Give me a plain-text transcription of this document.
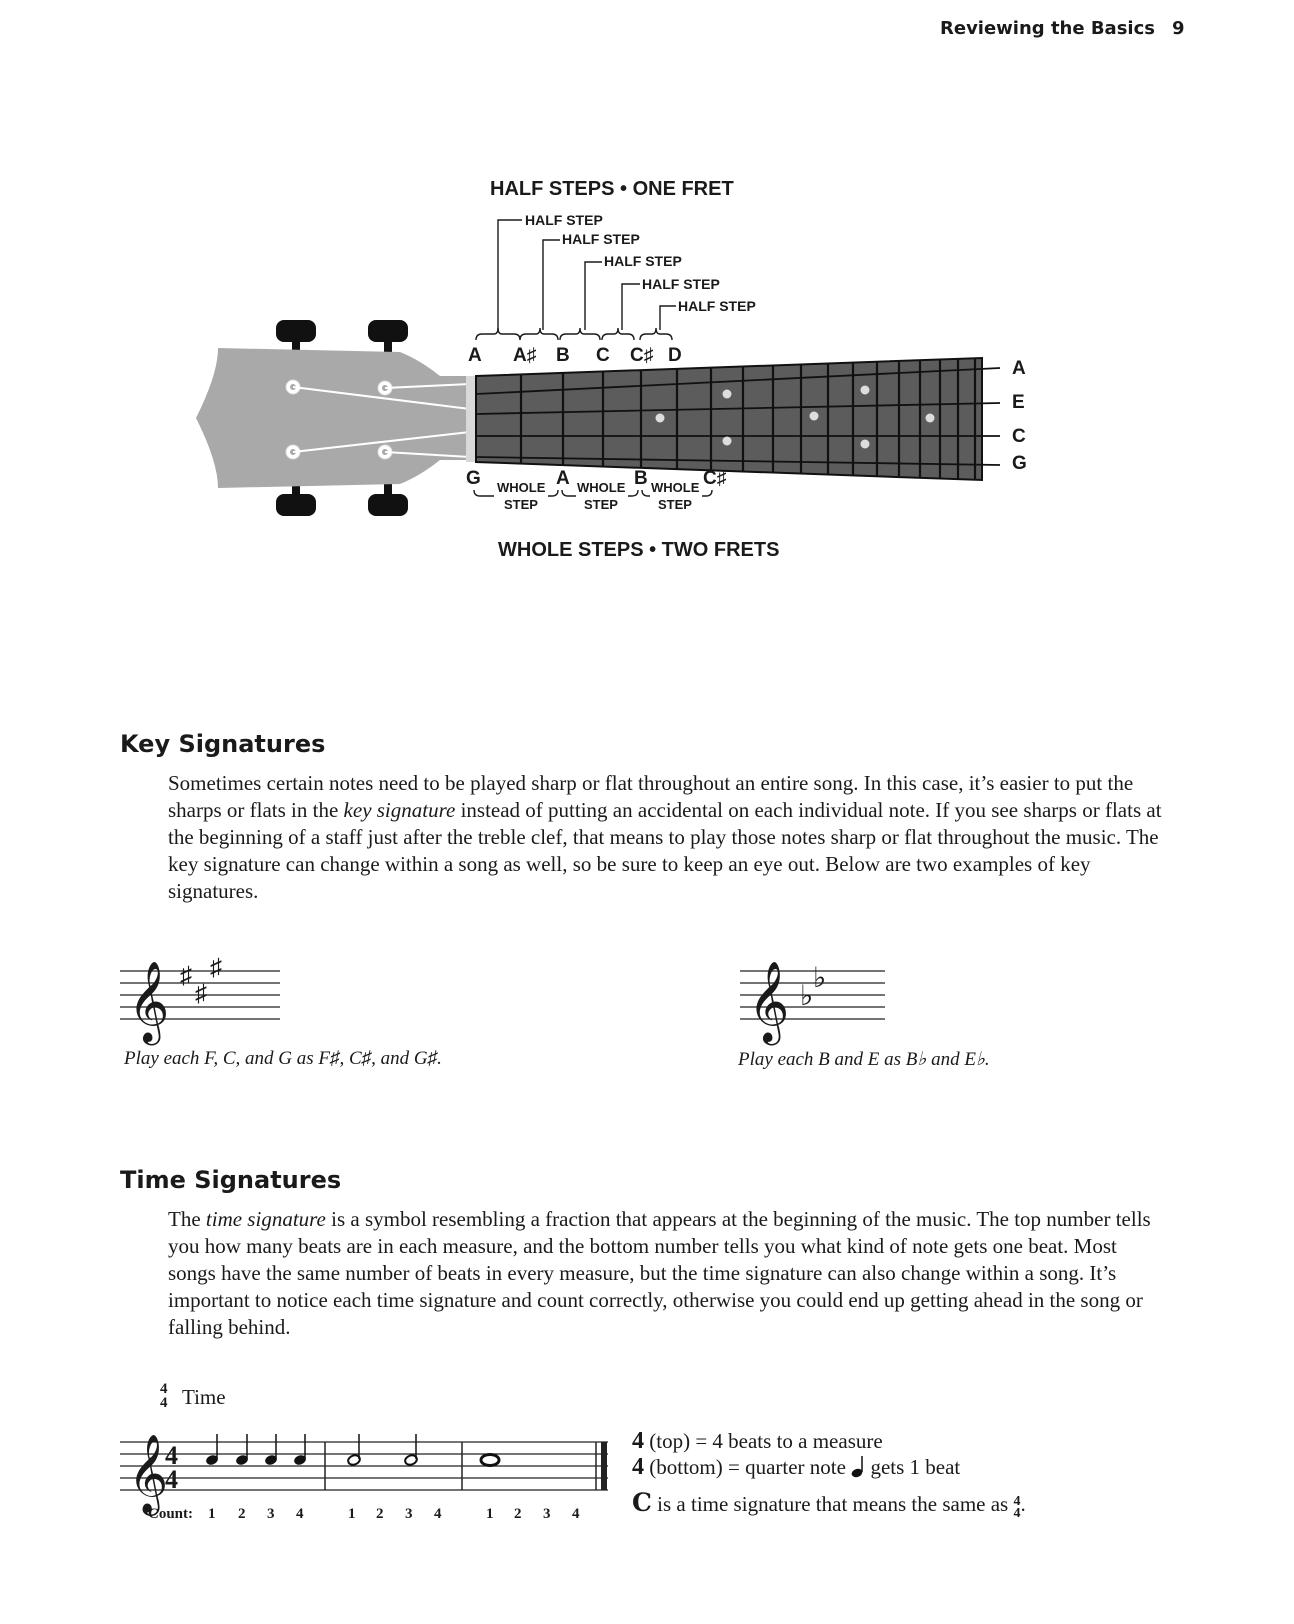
Reviewing the Basics 9
HALF STEPS • ONE FRET
HALF STEP
HALF STEP
HALF STEP
HALF STEP
HALF STEP
A A♯ B C C♯ D
A
E
C
G
G	A	B	C♯
WHOLE
STEP
WHOLE
STEP
WHOLE
STEP
WHOLE STEPS • TWO FRETS
Key Signatures

Sometimes certain notes need to be played sharp or flat throughout an entire song. In this case, it’s easier to put the sharps or flats in the key signature instead of putting an accidental on each individual note. If you see sharps or flats at the beginning of a staff just after the treble clef, that means to play those notes sharp or flat throughout the music. The key signature can change within a song as well, so be sure to keep an eye out. Below are two examples of key signatures.

𝄞 ♯
♯
♯
Play each F, C, and G as F♯, C♯, and G♯.
𝄞 ♭
♭
Play each B and E as B♭ and E♭.
Time Signatures

The time signature is a symbol resembling a fraction that appears at the beginning of the music. The top number tells you how many beats are in each measure, and the bottom number tells you what kind of note gets one beat. Most songs have the same number of beats in every measure, but the time signature can also change within a song. It’s important to notice each time signature and count correctly, otherwise you could end up getting ahead in the song or falling behind.

4
4 Time
𝄞
4
4
Count: 1 2 3 4	1 2 3 4	1 2 3 4
4 (top) = 4 beats to a measure
4 (bottom) = quarter note gets 1 beat
C is a time signature that means the same as 4
4 .
